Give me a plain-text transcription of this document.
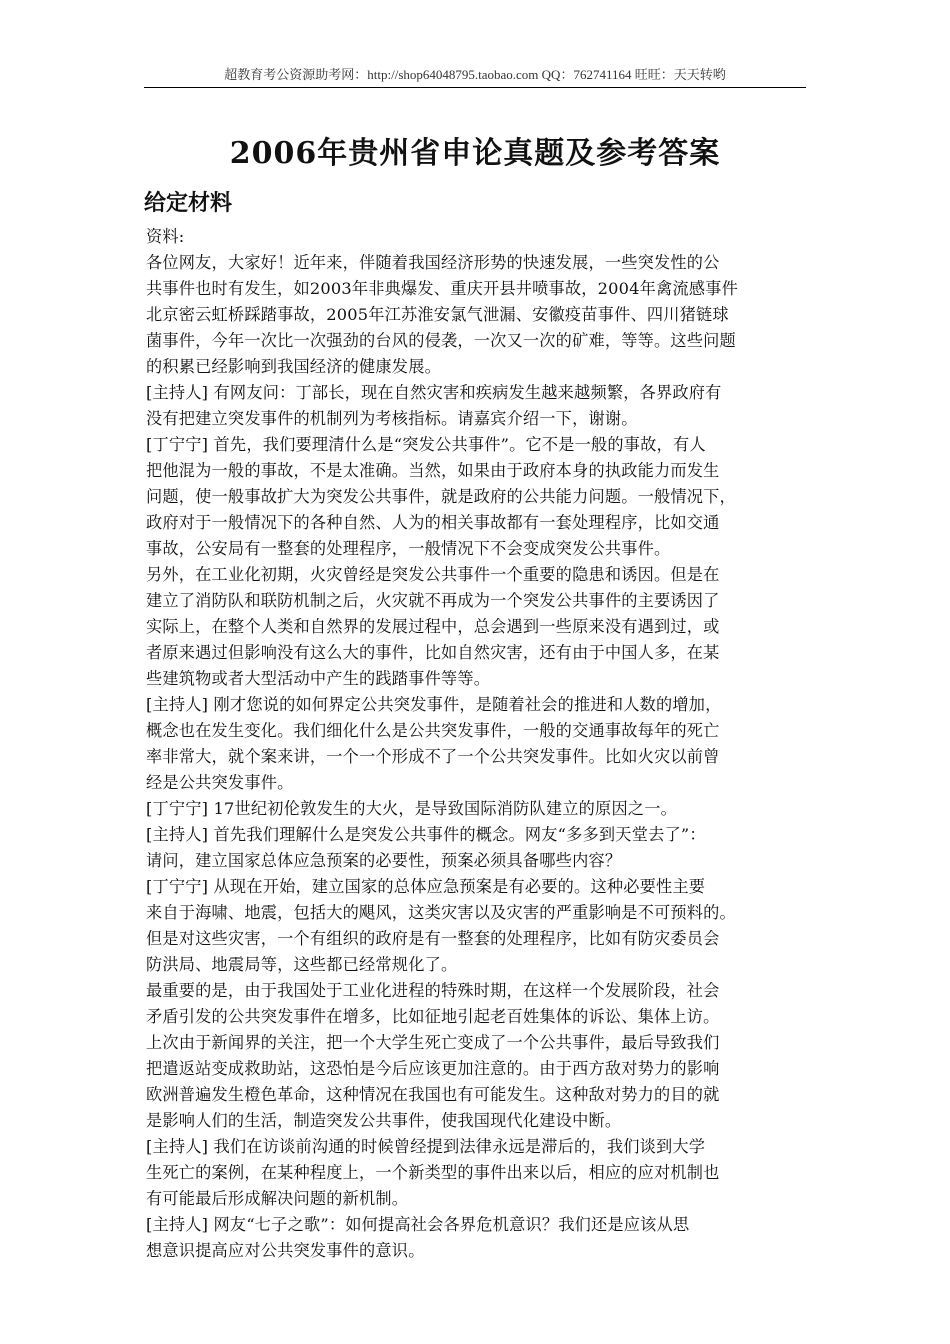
超教育考公资源助考网：http://shop64048795.taobao.com QQ：762741164 旺旺：天天转哟
2006年贵州省申论真题及参考答案
给定材料
资料:
各位网友，大家好！近年来，伴随着我国经济形势的快速发展，一些突发性的公
共事件也时有发生，如2003年非典爆发、重庆开县井喷事故，2004年禽流感事件
北京密云虹桥踩踏事故，2005年江苏淮安氯气泄漏、安徽疫苗事件、四川猪链球
菌事件，今年一次比一次强劲的台风的侵袭，一次又一次的矿难，等等。这些问题
的积累已经影响到我国经济的健康发展。
[主持人] 有网友问：丁部长，现在自然灾害和疾病发生越来越频繁，各界政府有
没有把建立突发事件的机制列为考核指标。请嘉宾介绍一下，谢谢。
[丁宁宁] 首先，我们要理清什么是“突发公共事件”。它不是一般的事故，有人
把他混为一般的事故，不是太准确。当然，如果由于政府本身的执政能力而发生
问题，使一般事故扩大为突发公共事件，就是政府的公共能力问题。一般情况下，
政府对于一般情况下的各种自然、人为的相关事故都有一套处理程序，比如交通
事故，公安局有一整套的处理程序，一般情况下不会变成突发公共事件。
另外，在工业化初期，火灾曾经是突发公共事件一个重要的隐患和诱因。但是在
建立了消防队和联防机制之后，火灾就不再成为一个突发公共事件的主要诱因了
实际上，在整个人类和自然界的发展过程中，总会遇到一些原来没有遇到过，或
者原来遇过但影响没有这么大的事件，比如自然灾害，还有由于中国人多，在某
些建筑物或者大型活动中产生的践踏事件等等。
[主持人] 刚才您说的如何界定公共突发事件，是随着社会的推进和人数的增加，
概念也在发生变化。我们细化什么是公共突发事件，一般的交通事故每年的死亡
率非常大，就个案来讲，一个一个形成不了一个公共突发事件。比如火灾以前曾
经是公共突发事件。
[丁宁宁] 17世纪初伦敦发生的大火，是导致国际消防队建立的原因之一。
[主持人] 首先我们理解什么是突发公共事件的概念。网友“多多到天堂去了”：
请问，建立国家总体应急预案的必要性，预案必须具备哪些内容？
[丁宁宁] 从现在开始，建立国家的总体应急预案是有必要的。这种必要性主要
来自于海啸、地震，包括大的飓风，这类灾害以及灾害的严重影响是不可预料的。
但是对这些灾害，一个有组织的政府是有一整套的处理程序，比如有防灾委员会
防洪局、地震局等，这些都已经常规化了。
最重要的是，由于我国处于工业化进程的特殊时期，在这样一个发展阶段，社会
矛盾引发的公共突发事件在增多，比如征地引起老百姓集体的诉讼、集体上访。
上次由于新闻界的关注，把一个大学生死亡变成了一个公共事件，最后导致我们
把遣返站变成救助站，这恐怕是今后应该更加注意的。由于西方敌对势力的影响
欧洲普遍发生橙色革命，这种情况在我国也有可能发生。这种敌对势力的目的就
是影响人们的生活，制造突发公共事件，使我国现代化建设中断。
[主持人] 我们在访谈前沟通的时候曾经提到法律永远是滞后的，我们谈到大学
生死亡的案例，在某种程度上，一个新类型的事件出来以后，相应的应对机制也
有可能最后形成解决问题的新机制。
[主持人] 网友“七子之歌”：如何提高社会各界危机意识？我们还是应该从思
想意识提高应对公共突发事件的意识。
